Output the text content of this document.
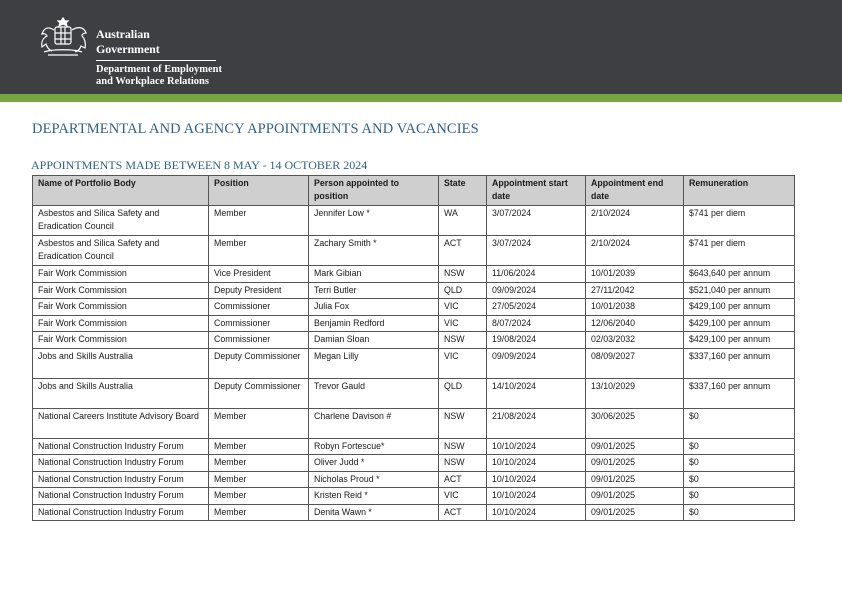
Australian Government
Department of Employment
and Workplace Relations
DEPARTMENTAL AND AGENCY APPOINTMENTS AND VACANCIES
APPOINTMENTS MADE BETWEEN 8 MAY - 14 OCTOBER 2024
Name of Portfolio Body	Position	Person appointed to position	State	Appointment start date	Appointment end date	Remuneration
Asbestos and Silica Safety and Eradication Council	Member	Jennifer Low *	WA	3/07/2024	2/10/2024	$741 per diem
Asbestos and Silica Safety and Eradication Council	Member	Zachary Smith *	ACT	3/07/2024	2/10/2024	$741 per diem
Fair Work Commission	Vice President	Mark Gibian	NSW	11/06/2024	10/01/2039	$643,640 per annum
Fair Work Commission	Deputy President	Terri Butler	QLD	09/09/2024	27/11/2042	$521,040 per annum
Fair Work Commission	Commissioner	Julia Fox	VIC	27/05/2024	10/01/2038	$429,100 per annum
Fair Work Commission	Commissioner	Benjamin Redford	VIC	8/07/2024	12/06/2040	$429,100 per annum
Fair Work Commission	Commissioner	Damian Sloan	NSW	19/08/2024	02/03/2032	$429,100 per annum
Jobs and Skills Australia	Deputy Commissioner	Megan Lilly	VIC	09/09/2024	08/09/2027	$337,160 per annum
Jobs and Skills Australia	Deputy Commissioner	Trevor Gauld	QLD	14/10/2024	13/10/2029	$337,160 per annum
National Careers Institute Advisory Board	Member	Charlene Davison #	NSW	21/08/2024	30/06/2025	$0
National Construction Industry Forum	Member	Robyn Fortescue*	NSW	10/10/2024	09/01/2025	$0
National Construction Industry Forum	Member	Oliver Judd *	NSW	10/10/2024	09/01/2025	$0
National Construction Industry Forum	Member	Nicholas Proud *	ACT	10/10/2024	09/01/2025	$0
National Construction Industry Forum	Member	Kristen Reid *	VIC	10/10/2024	09/01/2025	$0
National Construction Industry Forum	Member	Denita Wawn *	ACT	10/10/2024	09/01/2025	$0
